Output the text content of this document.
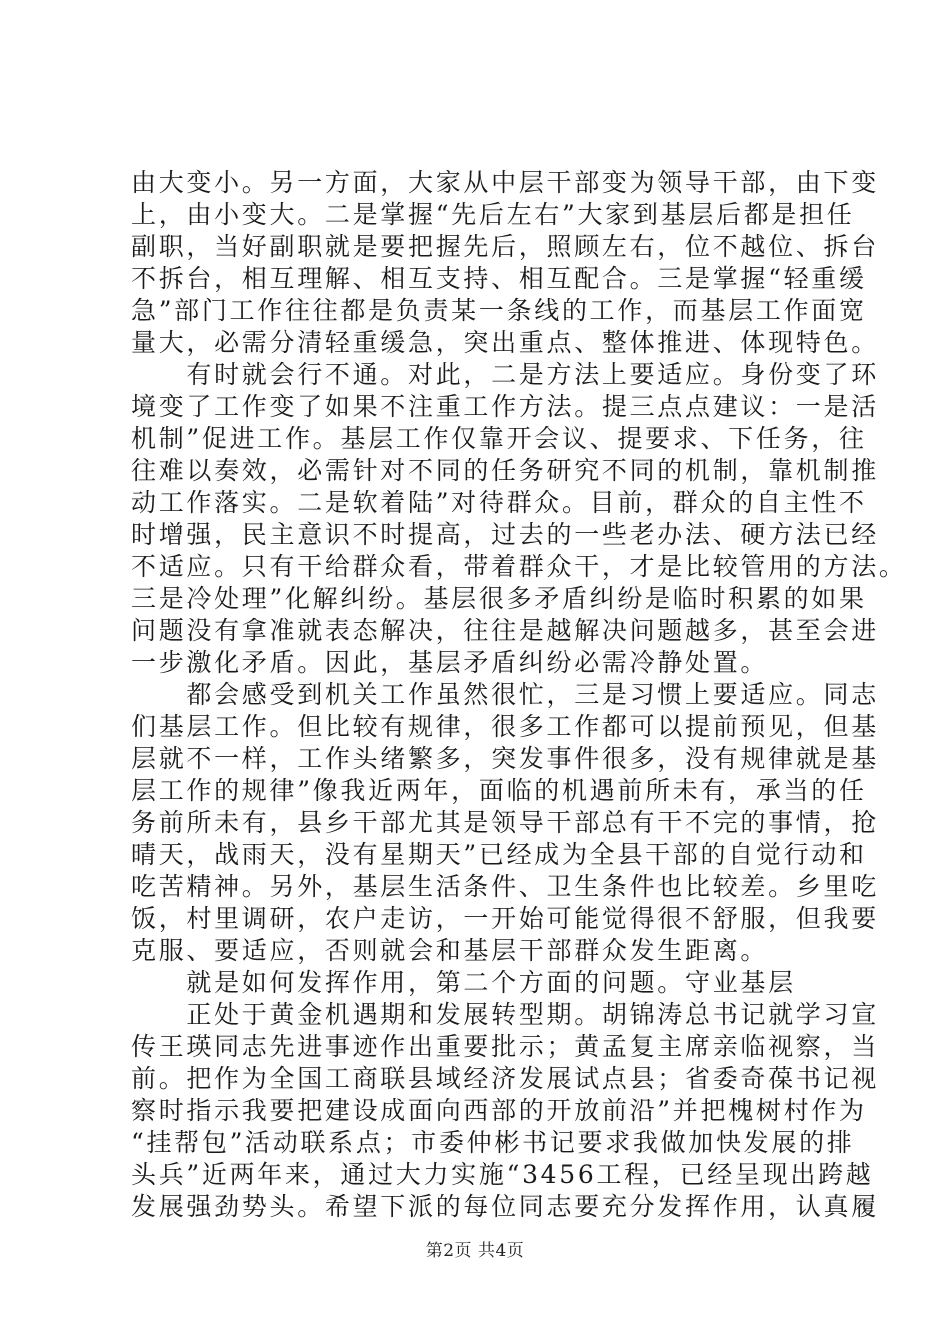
由大变小。另一方面，大家从中层干部变为领导干部，由下变
上，由小变大。二是掌握“先后左右”大家到基层后都是担任
副职，当好副职就是要把握先后，照顾左右，位不越位、拆台
不拆台，相互理解、相互支持、相互配合。三是掌握“轻重缓
急”部门工作往往都是负责某一条线的工作，而基层工作面宽
量大，必需分清轻重缓急，突出重点、整体推进、体现特色。
　　有时就会行不通。对此，二是方法上要适应。身份变了环
境变了工作变了如果不注重工作方法。提三点点建议：一是活
机制”促进工作。基层工作仅靠开会议、提要求、下任务，往
往难以奏效，必需针对不同的任务研究不同的机制，靠机制推
动工作落实。二是软着陆”对待群众。目前，群众的自主性不
时增强，民主意识不时提高，过去的一些老办法、硬方法已经
不适应。只有干给群众看，带着群众干，才是比较管用的方法。
三是冷处理”化解纠纷。基层很多矛盾纠纷是临时积累的如果
问题没有拿准就表态解决，往往是越解决问题越多，甚至会进
一步激化矛盾。因此，基层矛盾纠纷必需冷静处置。
　　都会感受到机关工作虽然很忙，三是习惯上要适应。同志
们基层工作。但比较有规律，很多工作都可以提前预见，但基
层就不一样，工作头绪繁多，突发事件很多，没有规律就是基
层工作的规律”像我近两年，面临的机遇前所未有，承当的任
务前所未有，县乡干部尤其是领导干部总有干不完的事情，抢
晴天，战雨天，没有星期天”已经成为全县干部的自觉行动和
吃苦精神。另外，基层生活条件、卫生条件也比较差。乡里吃
饭，村里调研，农户走访，一开始可能觉得很不舒服，但我要
克服、要适应，否则就会和基层干部群众发生距离。
　　就是如何发挥作用，第二个方面的问题。守业基层
　　正处于黄金机遇期和发展转型期。胡锦涛总书记就学习宣
传王瑛同志先进事迹作出重要批示；黄孟复主席亲临视察，当
前。把作为全国工商联县域经济发展试点县；省委奇葆书记视
察时指示我要把建设成面向西部的开放前沿”并把槐树村作为
“挂帮包”活动联系点；市委仲彬书记要求我做加快发展的排
头兵”近两年来，通过大力实施“3456工程，已经呈现出跨越
发展强劲势头。希望下派的每位同志要充分发挥作用，认真履
第2页 共4页
